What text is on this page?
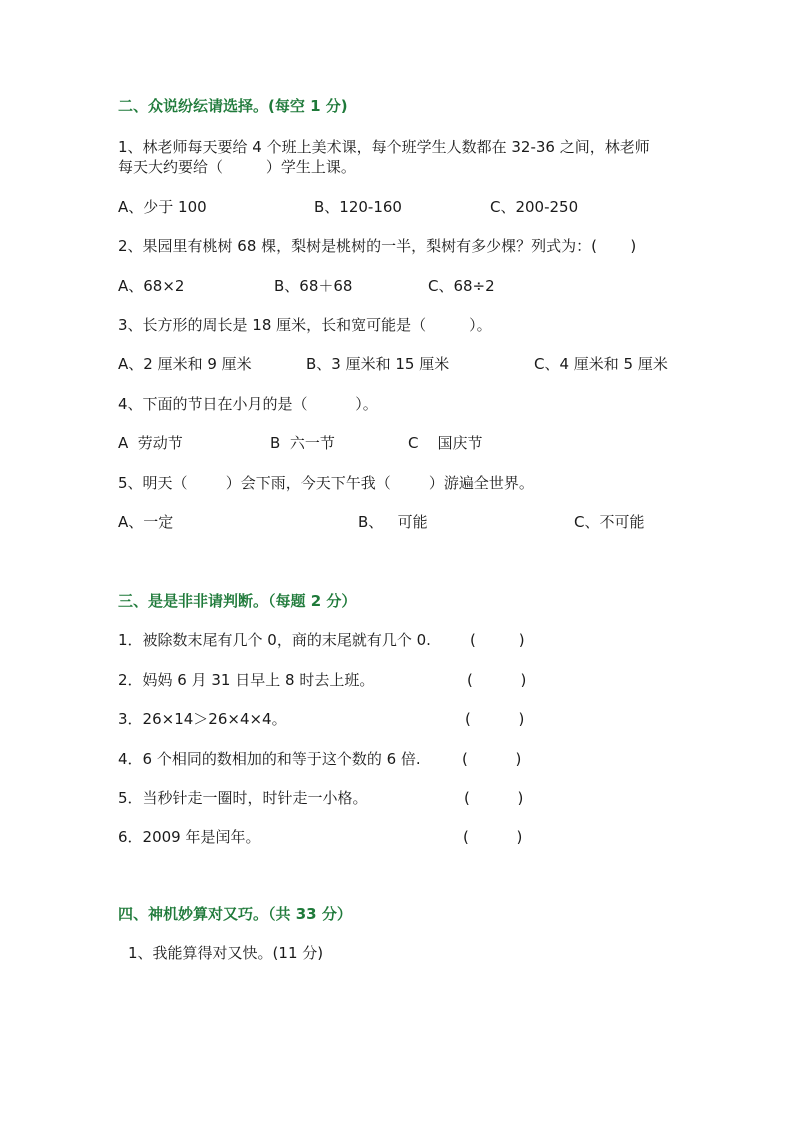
二、众说纷纭请选择。(每空 1 分)
1、林老师每天要给 4 个班上美术课，每个班学生人数都在 32-36 之间，林老师
每天大约要给（         ）学生上课。
A、少于 100	B、120-160	C、200-250
2、果园里有桃树 68 棵，梨树是桃树的一半，梨树有多少棵？列式为：(       )
A、68×2	B、68＋68	C、68÷2
3、长方形的周长是 18 厘米，长和宽可能是（         ）。
A、2 厘米和 9 厘米	B、3 厘米和 15 厘米	C、4 厘米和 5 厘米
4、下面的节日在小月的是（          ）。
A  劳动节	B  六一节	C    国庆节
5、明天（        ）会下雨，今天下午我（        ）游遍全世界。
A、一定	B、   可能	C、不可能
三、是是非非请判断。（每题 2 分）
1．被除数末尾有几个 0，商的末尾就有几个 0.	(         )
2．妈妈 6 月 31 日早上 8 时去上班。	(          )
3．26×14＞26×4×4。	(          )
4．6 个相同的数相加的和等于这个数的 6 倍.	(          )
5．当秒针走一圈时，时针走一小格。	(          )
6．2009 年是闰年。	(          )
四、神机妙算对又巧。（共 33 分）
1、我能算得对又快。(11 分)
